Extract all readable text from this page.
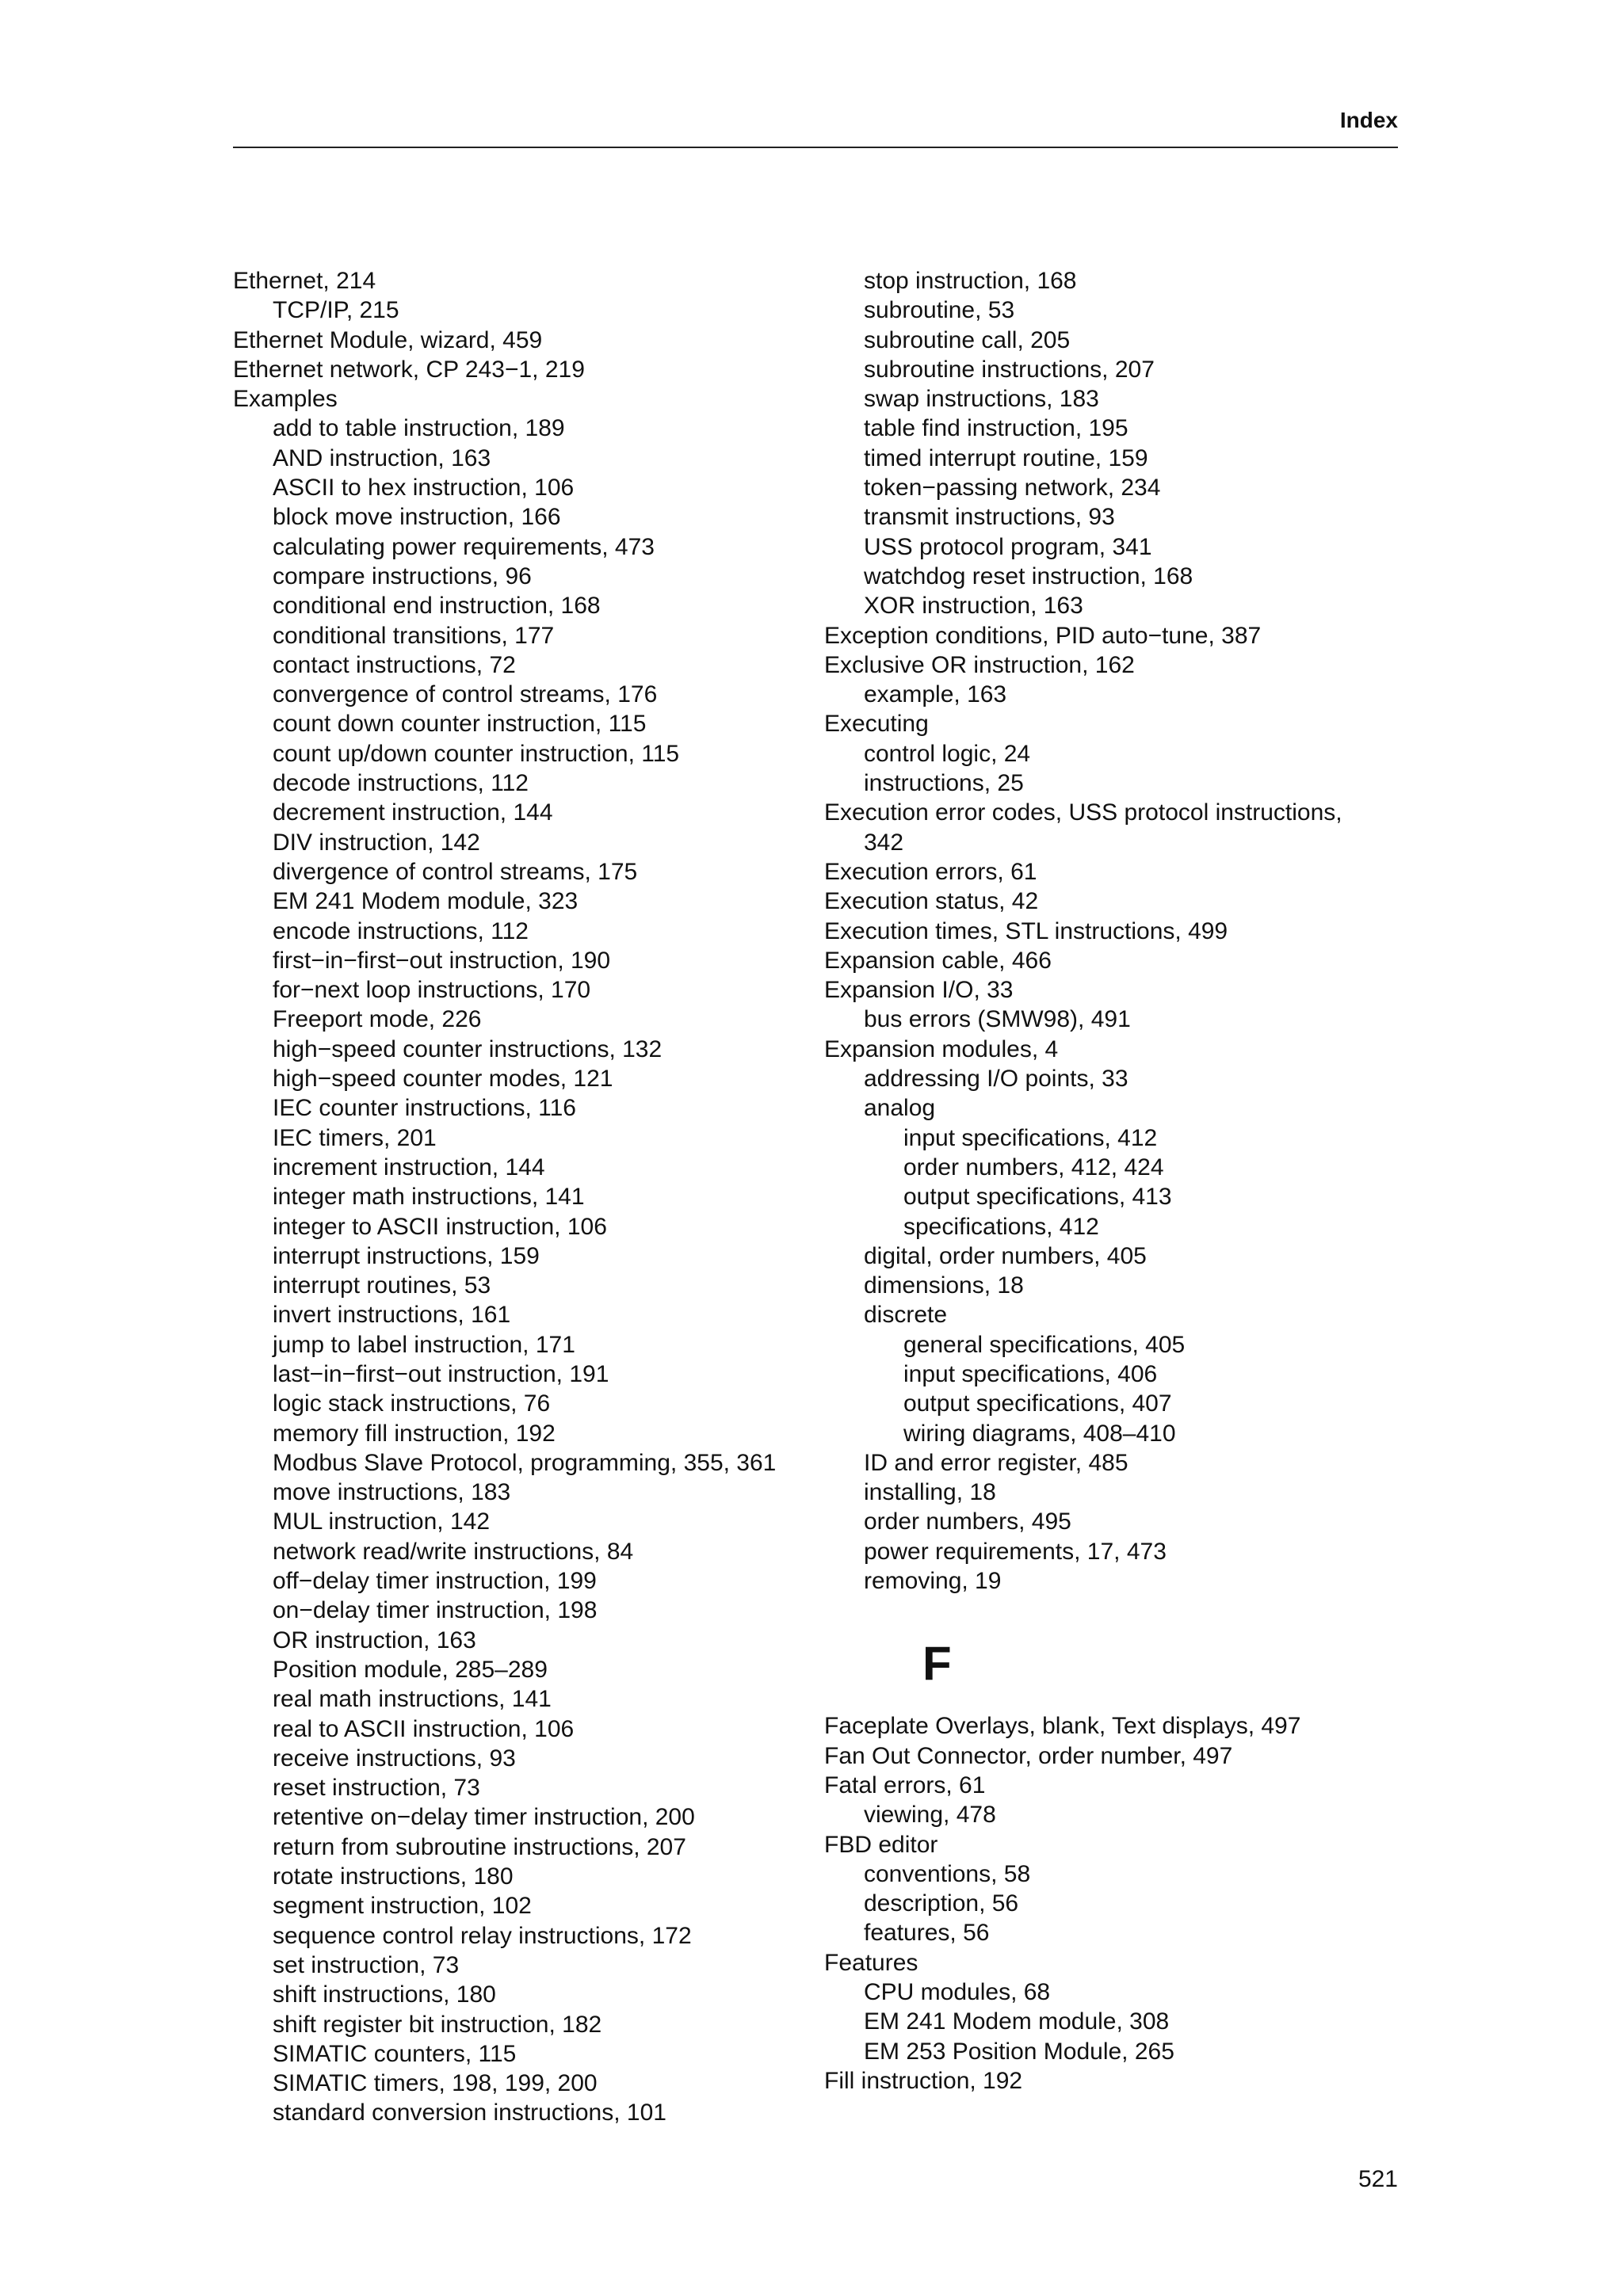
Index
Ethernet, 214
TCP/IP, 215
Ethernet Module, wizard, 459
Ethernet network, CP 243−1, 219
Examples
add to table instruction, 189
AND instruction, 163
ASCII to hex instruction, 106
block move instruction, 166
calculating power requirements, 473
compare instructions, 96
conditional end instruction, 168
conditional transitions, 177
contact instructions, 72
convergence of control streams, 176
count down counter instruction, 115
count up/down counter instruction, 115
decode instructions, 112
decrement instruction, 144
DIV instruction, 142
divergence of control streams, 175
EM 241 Modem module, 323
encode instructions, 112
first−in−first−out instruction, 190
for−next loop instructions, 170
Freeport mode, 226
high−speed counter instructions, 132
high−speed counter modes, 121
IEC counter instructions, 116
IEC timers, 201
increment instruction, 144
integer math instructions, 141
integer to ASCII instruction, 106
interrupt instructions, 159
interrupt routines, 53
invert instructions, 161
jump to label instruction, 171
last−in−first−out instruction, 191
logic stack instructions, 76
memory fill instruction, 192
Modbus Slave Protocol, programming, 355, 361
move instructions, 183
MUL instruction, 142
network read/write instructions, 84
off−delay timer instruction, 199
on−delay timer instruction, 198
OR instruction, 163
Position module, 285–289
real math instructions, 141
real to ASCII instruction, 106
receive instructions, 93
reset instruction, 73
retentive on−delay timer instruction, 200
return from subroutine instructions, 207
rotate instructions, 180
segment instruction, 102
sequence control relay instructions, 172
set instruction, 73
shift instructions, 180
shift register bit instruction, 182
SIMATIC counters, 115
SIMATIC timers, 198, 199, 200
standard conversion instructions, 101
stop instruction, 168
subroutine, 53
subroutine call, 205
subroutine instructions, 207
swap instructions, 183
table find instruction, 195
timed interrupt routine, 159
token−passing network, 234
transmit instructions, 93
USS protocol program, 341
watchdog reset instruction, 168
XOR instruction, 163
Exception conditions, PID auto−tune, 387
Exclusive OR instruction, 162
example, 163
Executing
control logic, 24
instructions, 25
Execution error codes, USS protocol instructions,
342
Execution errors, 61
Execution status, 42
Execution times, STL instructions, 499
Expansion cable, 466
Expansion I/O, 33
bus errors (SMW98), 491
Expansion modules, 4
addressing I/O points, 33
analog
input specifications, 412
order numbers, 412, 424
output specifications, 413
specifications, 412
digital, order numbers, 405
dimensions, 18
discrete
general specifications, 405
input specifications, 406
output specifications, 407
wiring diagrams, 408–410
ID and error register, 485
installing, 18
order numbers, 495
power requirements, 17, 473
removing, 19
F
Faceplate Overlays, blank, Text displays, 497
Fan Out Connector, order number, 497
Fatal errors, 61
viewing, 478
FBD editor
conventions, 58
description, 56
features, 56
Features
CPU modules, 68
EM 241 Modem module, 308
EM 253 Position Module, 265
Fill instruction, 192
521
